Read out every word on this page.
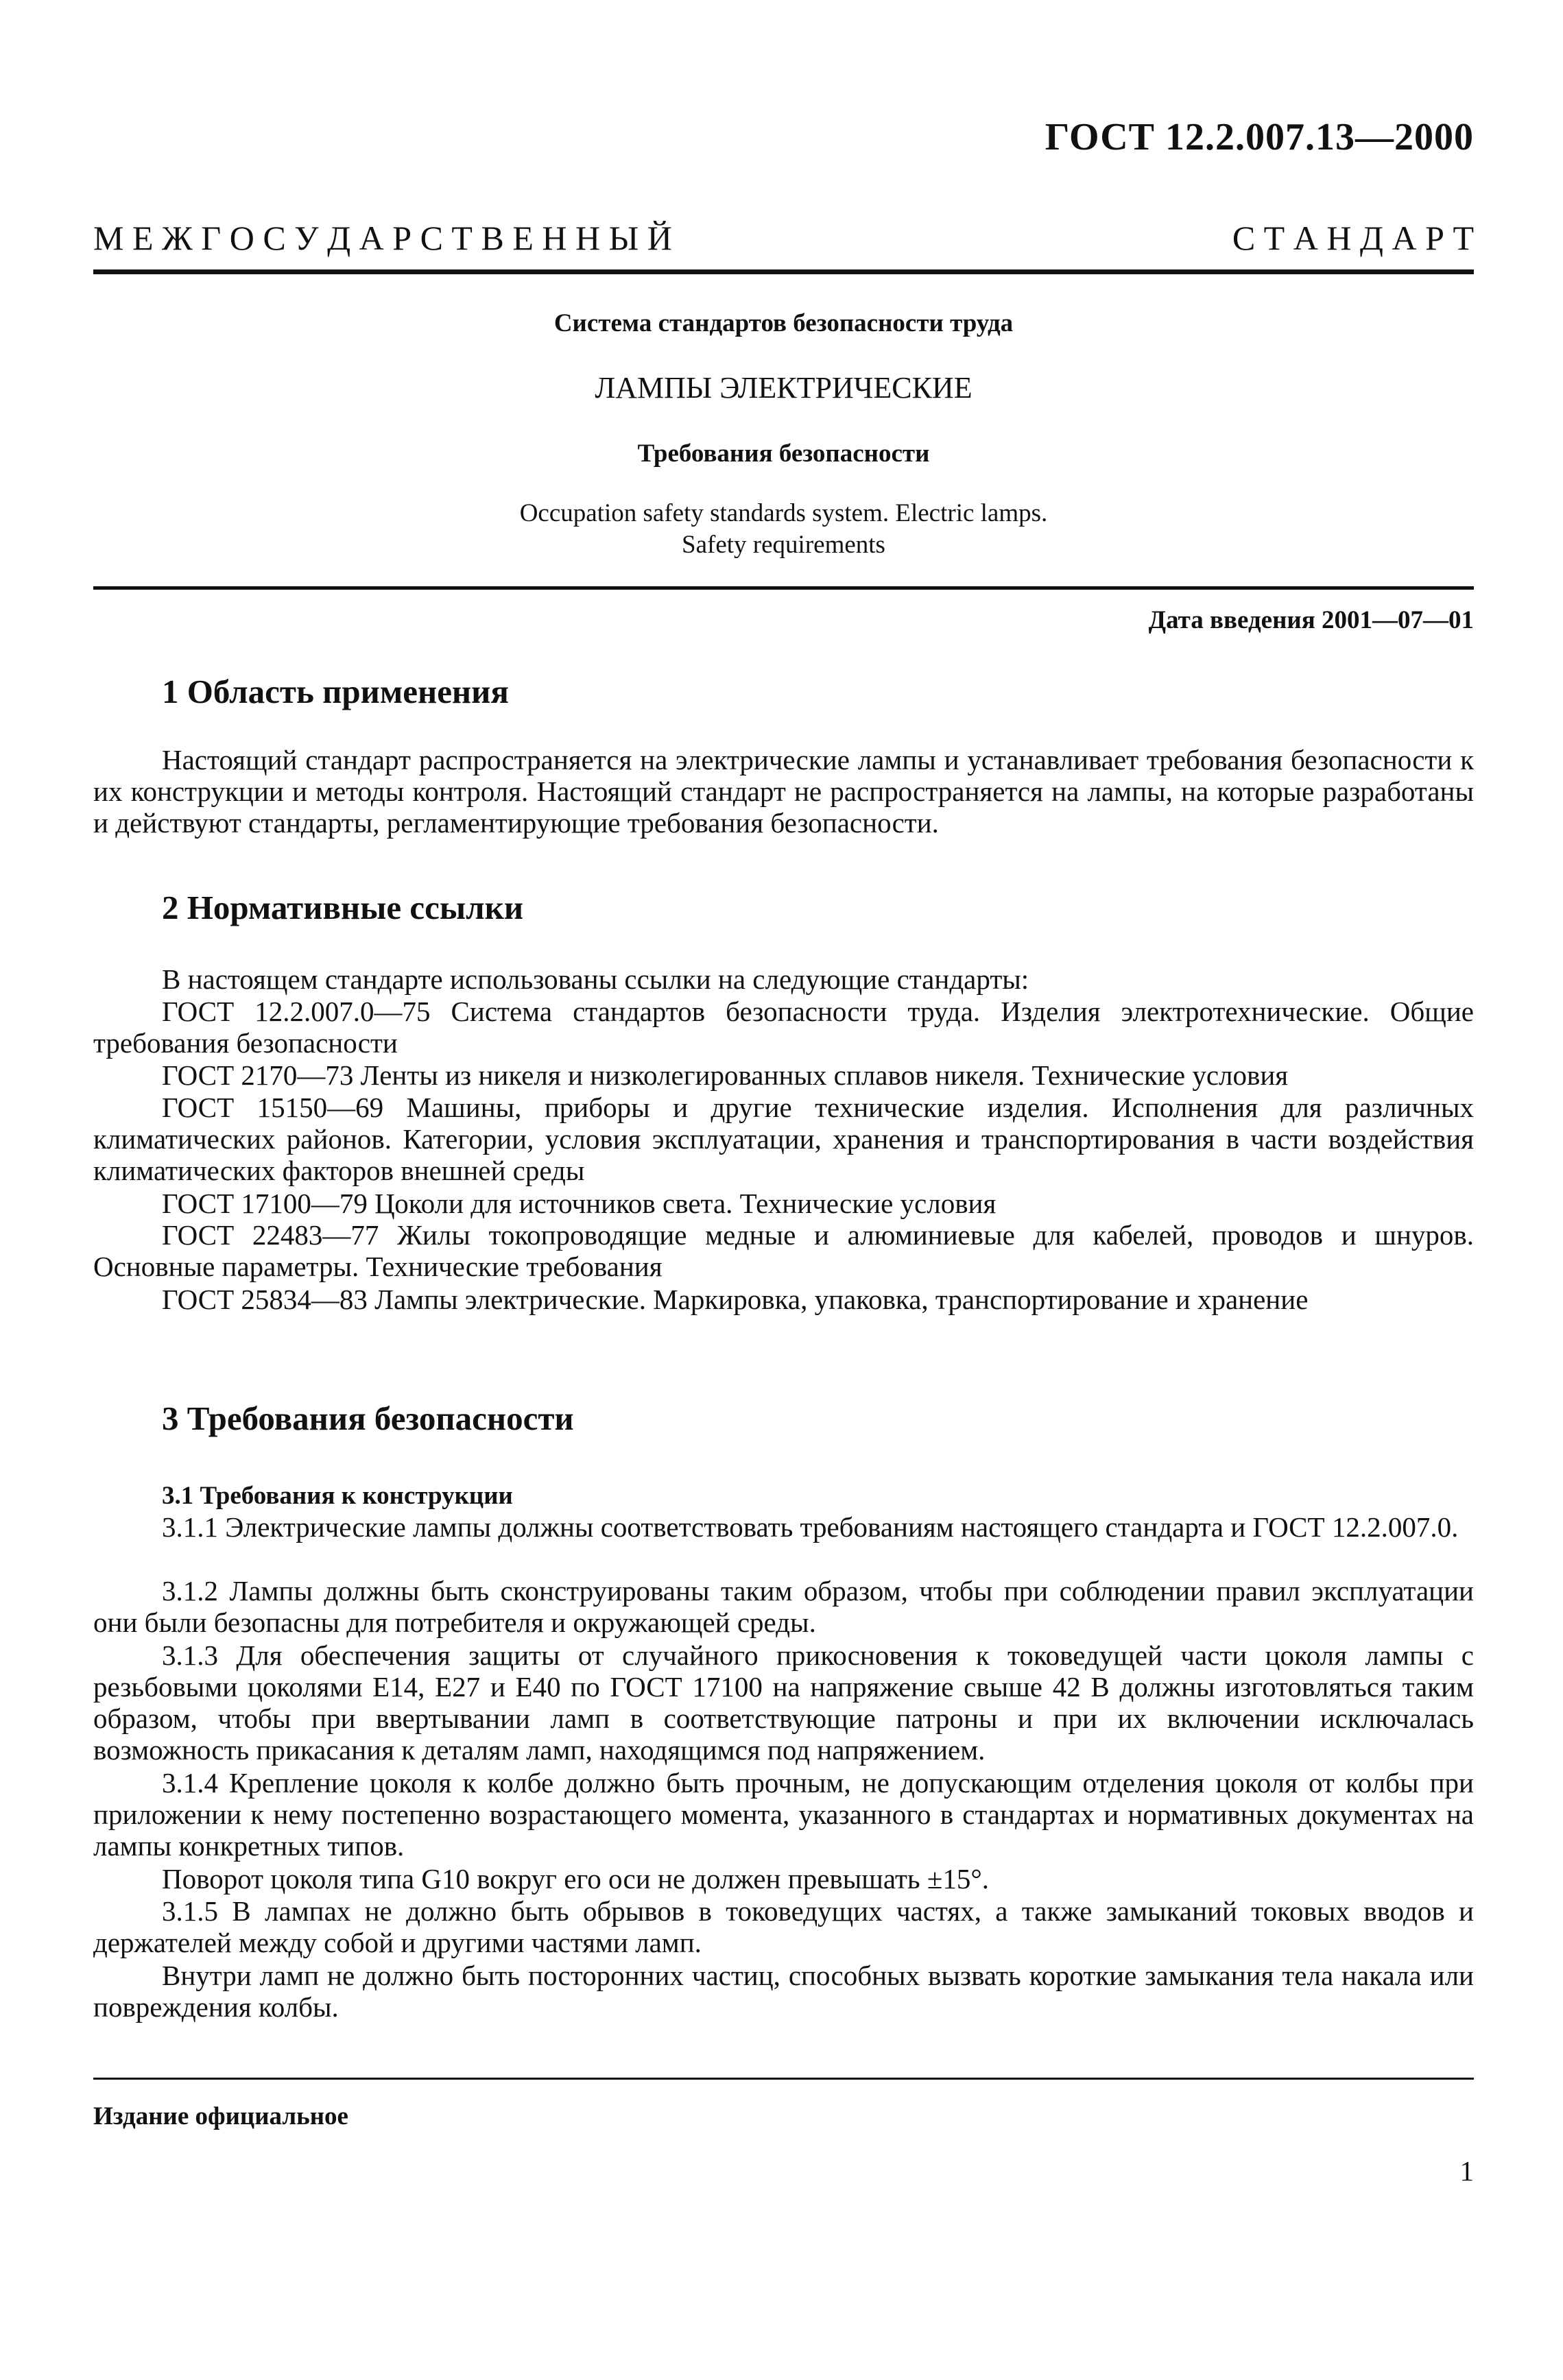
ГОСТ 12.2.007.13—2000
М Е Ж Г О С У Д А Р С Т В Е Н Н Ы Й	С Т А Н Д А Р Т
Система стандартов безопасности труда
ЛАМПЫ ЭЛЕКТРИЧЕСКИЕ
Требования безопасности
Occupation safety standards system. Electric lamps.
Safety requirements
Дата введения 2001—07—01
1 Область применения
Настоящий стандарт распространяется на электрические лампы и устанавливает требования безопасности к их конструкции и методы контроля. Настоящий стандарт не распространяется на лампы, на которые разработаны и действуют стандарты, регламентирующие требования безопасности.
2 Нормативные ссылки
В настоящем стандарте использованы ссылки на следующие стандарты:
ГОСТ 12.2.007.0—75 Система стандартов безопасности труда. Изделия электротехнические. Общие требования безопасности
ГОСТ 2170—73 Ленты из никеля и низколегированных сплавов никеля. Технические условия
ГОСТ 15150—69 Машины, приборы и другие технические изделия. Исполнения для различных климатических районов. Категории, условия эксплуатации, хранения и транспортирования в части воздействия климатических факторов внешней среды
ГОСТ 17100—79 Цоколи для источников света. Технические условия
ГОСТ 22483—77 Жилы токопроводящие медные и алюминиевые для кабелей, проводов и шнуров. Основные параметры. Технические требования
ГОСТ 25834—83 Лампы электрические. Маркировка, упаковка, транспортирование и хранение
3 Требования безопасности
3.1 Требования к конструкции
3.1.1 Электрические лампы должны соответствовать требованиям настоящего стандарта и ГОСТ 12.2.007.0.
3.1.2 Лампы должны быть сконструированы таким образом, чтобы при соблюдении правил эксплуатации они были безопасны для потребителя и окружающей среды.
3.1.3 Для обеспечения защиты от случайного прикосновения к токоведущей части цоколя лампы с резьбовыми цоколями Е14, Е27 и Е40 по ГОСТ 17100 на напряжение свыше 42 В должны изготовляться таким образом, чтобы при ввертывании ламп в соответствующие патроны и при их включении исключалась возможность прикасания к деталям ламп, находящимся под напряжением.
3.1.4 Крепление цоколя к колбе должно быть прочным, не допускающим отделения цоколя от колбы при приложении к нему постепенно возрастающего момента, указанного в стандартах и нормативных документах на лампы конкретных типов.
Поворот цоколя типа G10 вокруг его оси не должен превышать ±15°.
3.1.5 В лампах не должно быть обрывов в токоведущих частях, а также замыканий токовых вводов и держателей между собой и другими частями ламп.
Внутри ламп не должно быть посторонних частиц, способных вызвать короткие замыкания тела накала или повреждения колбы.
Издание официальное
1
